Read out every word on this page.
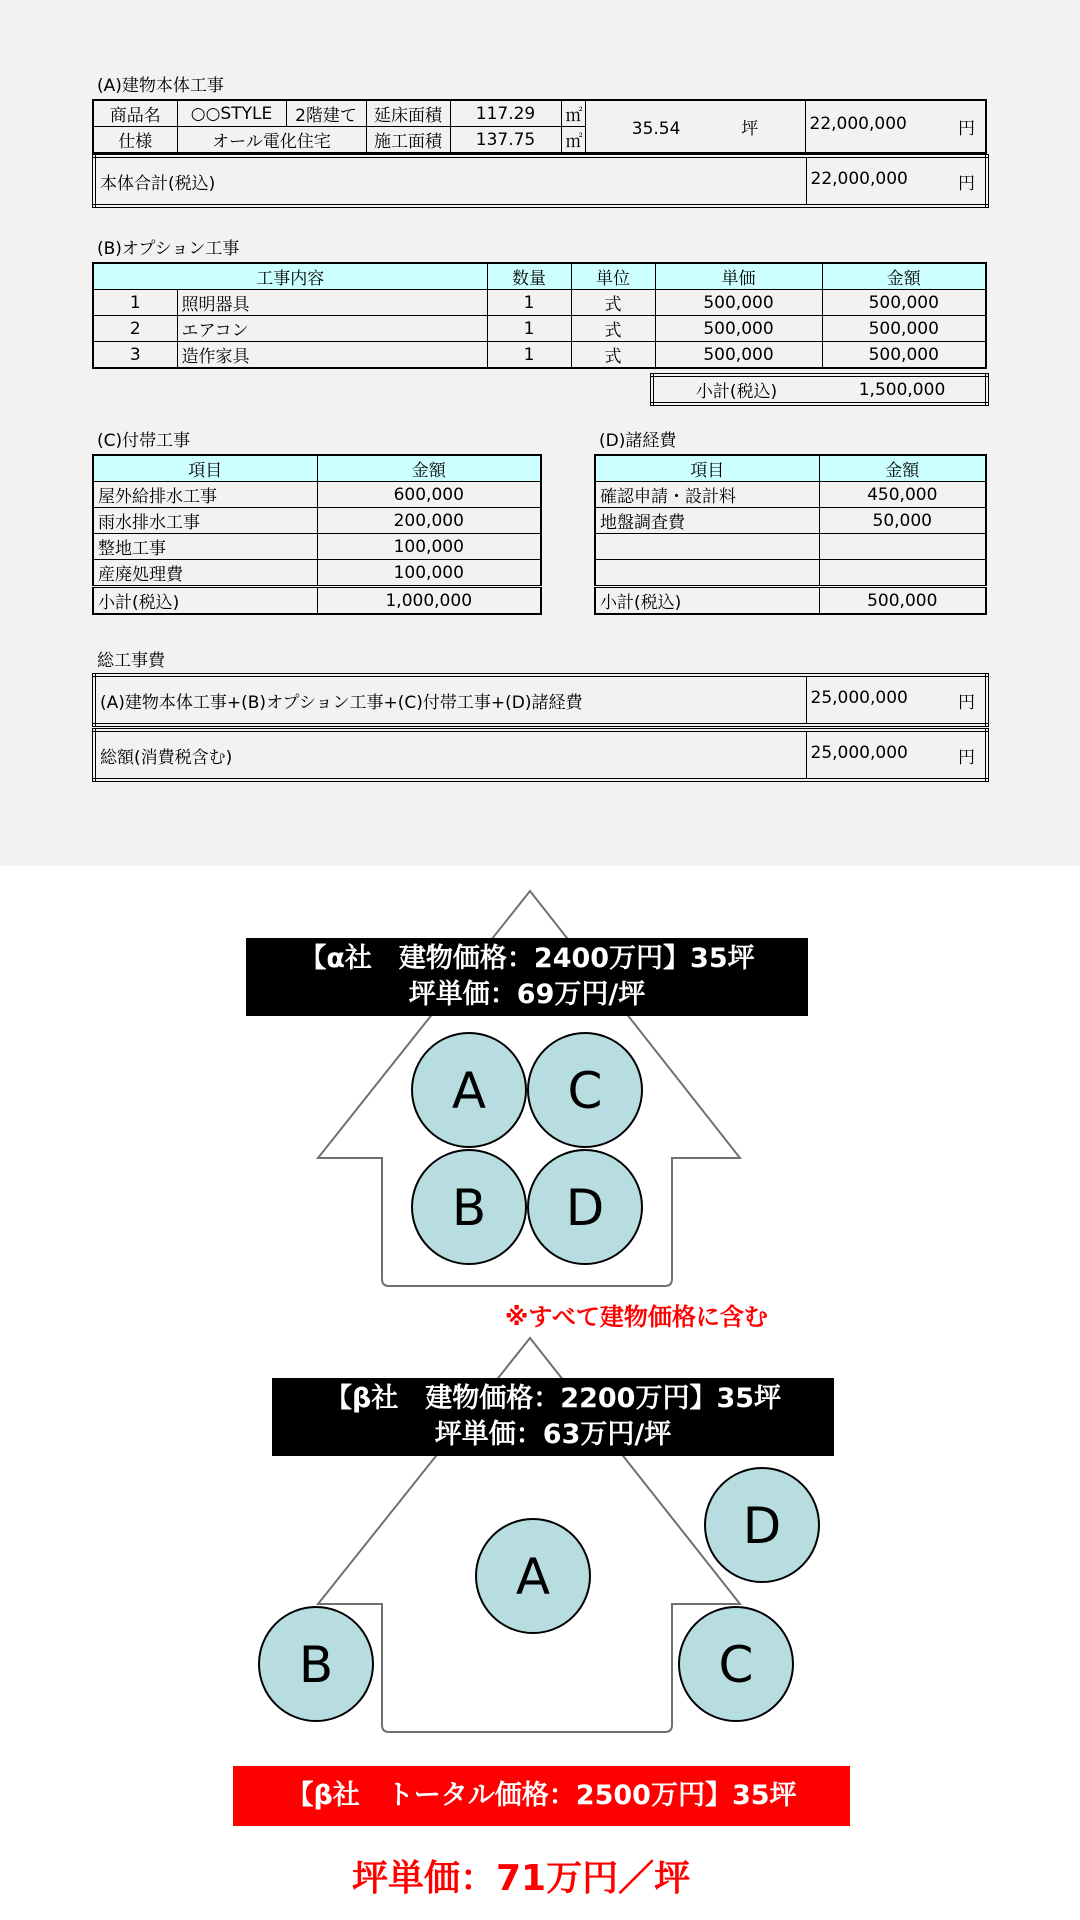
(A)建物本体工事
商品名	○○STYLE	2階建て	延床面積	117.29	㎡	35.54 坪	22,000,000 円

仕様	オール電化住宅		施工面積	137.75	㎡		
本体合計(税込)	22,000,000	円
(B)オプション工事
工事内容		数量	単位	単価	金額
1	照明器具	1	式	500,000	500,000
2	エアコン	1	式	500,000	500,000
3	造作家具	1	式	500,000	500,000
小計(税込)	1,500,000
(C)付帯工事
項目	金額
屋外給排水工事	600,000
雨水排水工事	200,000
整地工事	100,000
産廃処理費	100,000
小計(税込)	1,000,000
(D)諸経費
項目	金額
確認申請・設計料	450,000
地盤調査費	50,000

小計(税込)	500,000
総工事費
(A)建物本体工事+(B)オプション工事+(C)付帯工事+(D)諸経費	25,000,000	円
総額(消費税含む)	25,000,000	円
A C
B D
A
D
B	C
【α社　建物価格：2400万円】35坪
坪単価：69万円/坪
※すべて建物価格に含む
【β社　建物価格：2200万円】35坪
坪単価：63万円/坪
【β社　トータル価格：2500万円】35坪
坪単価：71万円／坪
